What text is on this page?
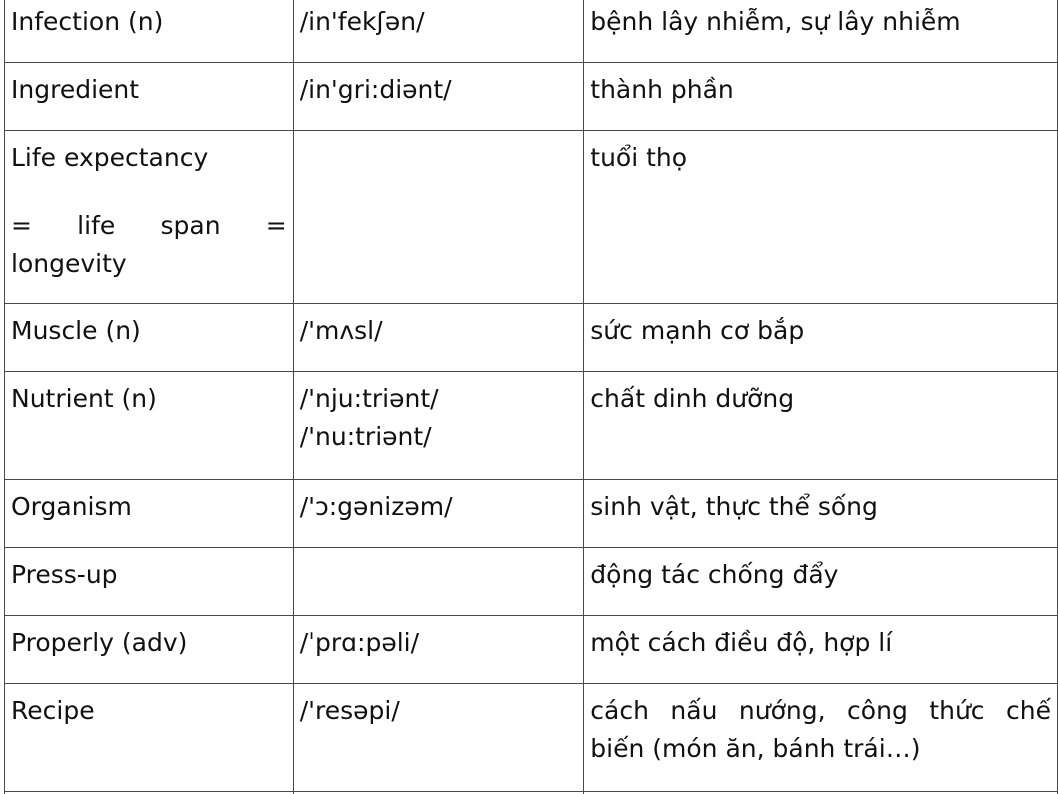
Infection (n)	/in'fekʃən/	bệnh lây nhiễm, sự lây nhiễm

Ingredient	/in'gri:diənt/	thành phần

Life expectancy
= life span =
longevity		tuổi thọ

Muscle (n)	/'mʌsl/	sức mạnh cơ bắp

Nutrient (n)	/'nju:triənt/
/'nu:triənt/	chất dinh dưỡng

Organism	/'ɔ:gənizəm/	sinh vật, thực thể sống

Press-up		động tác chống đẩy

Properly (adv)	/ˈprɑ:pəli/	một cách điều độ, hợp lí

Recipe	/'resəpi/	cách nấu nướng, công thức chế
biến (món ăn, bánh trái…)
